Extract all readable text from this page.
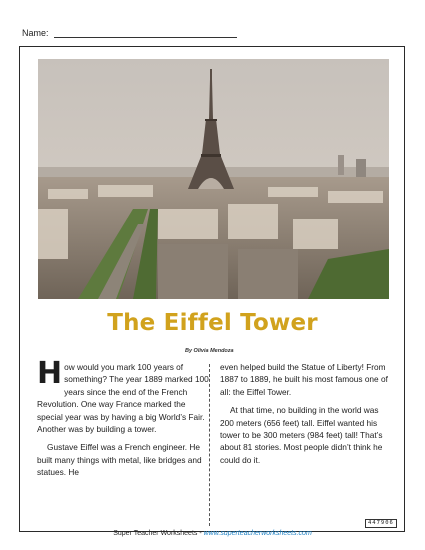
Name:
The Eiffel Tower
By Olivia Mendoza

How would you mark 100 years of something? The year 1889 marked 100 years since the end of the French Revolution. One way France marked the special year was by having a big World’s Fair. Another was by building a tower.

Gustave Eiffel was a French engineer. He built many things with metal, like bridges and statues. He

even helped build the Statue of Liberty! From 1887 to 1889, he built his most famous one of all: the Eiffel Tower.

At that time, no building in the world was 200 meters (656 feet) tall. Eiffel wanted his tower to be 300 meters (984 feet) tall! That’s about 81 stories. Most people didn’t think he could do it.

447906
Super Teacher Worksheets - www.superteacherworksheets.com
